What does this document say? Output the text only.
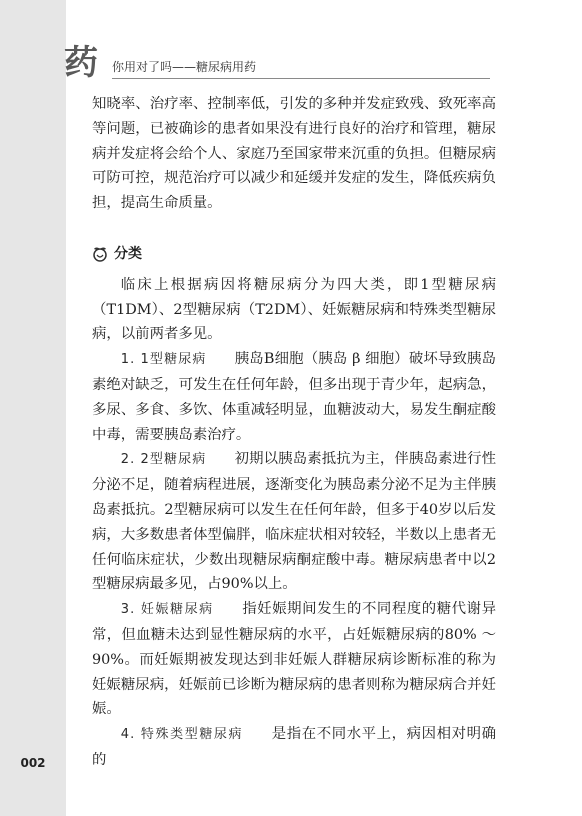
002
药 你用对了吗——糖尿病用药

知晓率、治疗率、控制率低，引发的多种并发症致残、致死率高等问题，已被确诊的患者如果没有进行良好的治疗和管理，糖尿病并发症将会给个人、家庭乃至国家带来沉重的负担。但糖尿病可防可控，规范治疗可以减少和延缓并发症的发生，降低疾病负担，提高生命质量。

分类

临床上根据病因将糖尿病分为四大类，即1型糖尿病（T1DM）、2型糖尿病（T2DM）、妊娠糖尿病和特殊类型糖尿病，以前两者多见。

1. 1型糖尿病 胰岛B细胞（胰岛 β 细胞）破坏导致胰岛素绝对缺乏，可发生在任何年龄，但多出现于青少年，起病急，多尿、多食、多饮、体重减轻明显，血糖波动大，易发生酮症酸中毒，需要胰岛素治疗。

2. 2型糖尿病 初期以胰岛素抵抗为主，伴胰岛素进行性分泌不足，随着病程进展，逐渐变化为胰岛素分泌不足为主伴胰岛素抵抗。2型糖尿病可以发生在任何年龄，但多于40岁以后发病，大多数患者体型偏胖，临床症状相对较轻，半数以上患者无任何临床症状，少数出现糖尿病酮症酸中毒。糖尿病患者中以2型糖尿病最多见，占90%以上。

3. 妊娠糖尿病 指妊娠期间发生的不同程度的糖代谢异常，但血糖未达到显性糖尿病的水平，占妊娠糖尿病的80% ～ 90%。而妊娠期被发现达到非妊娠人群糖尿病诊断标准的称为妊娠糖尿病，妊娠前已诊断为糖尿病的患者则称为糖尿病合并妊娠。

4. 特殊类型糖尿病 是指在不同水平上，病因相对明确的
